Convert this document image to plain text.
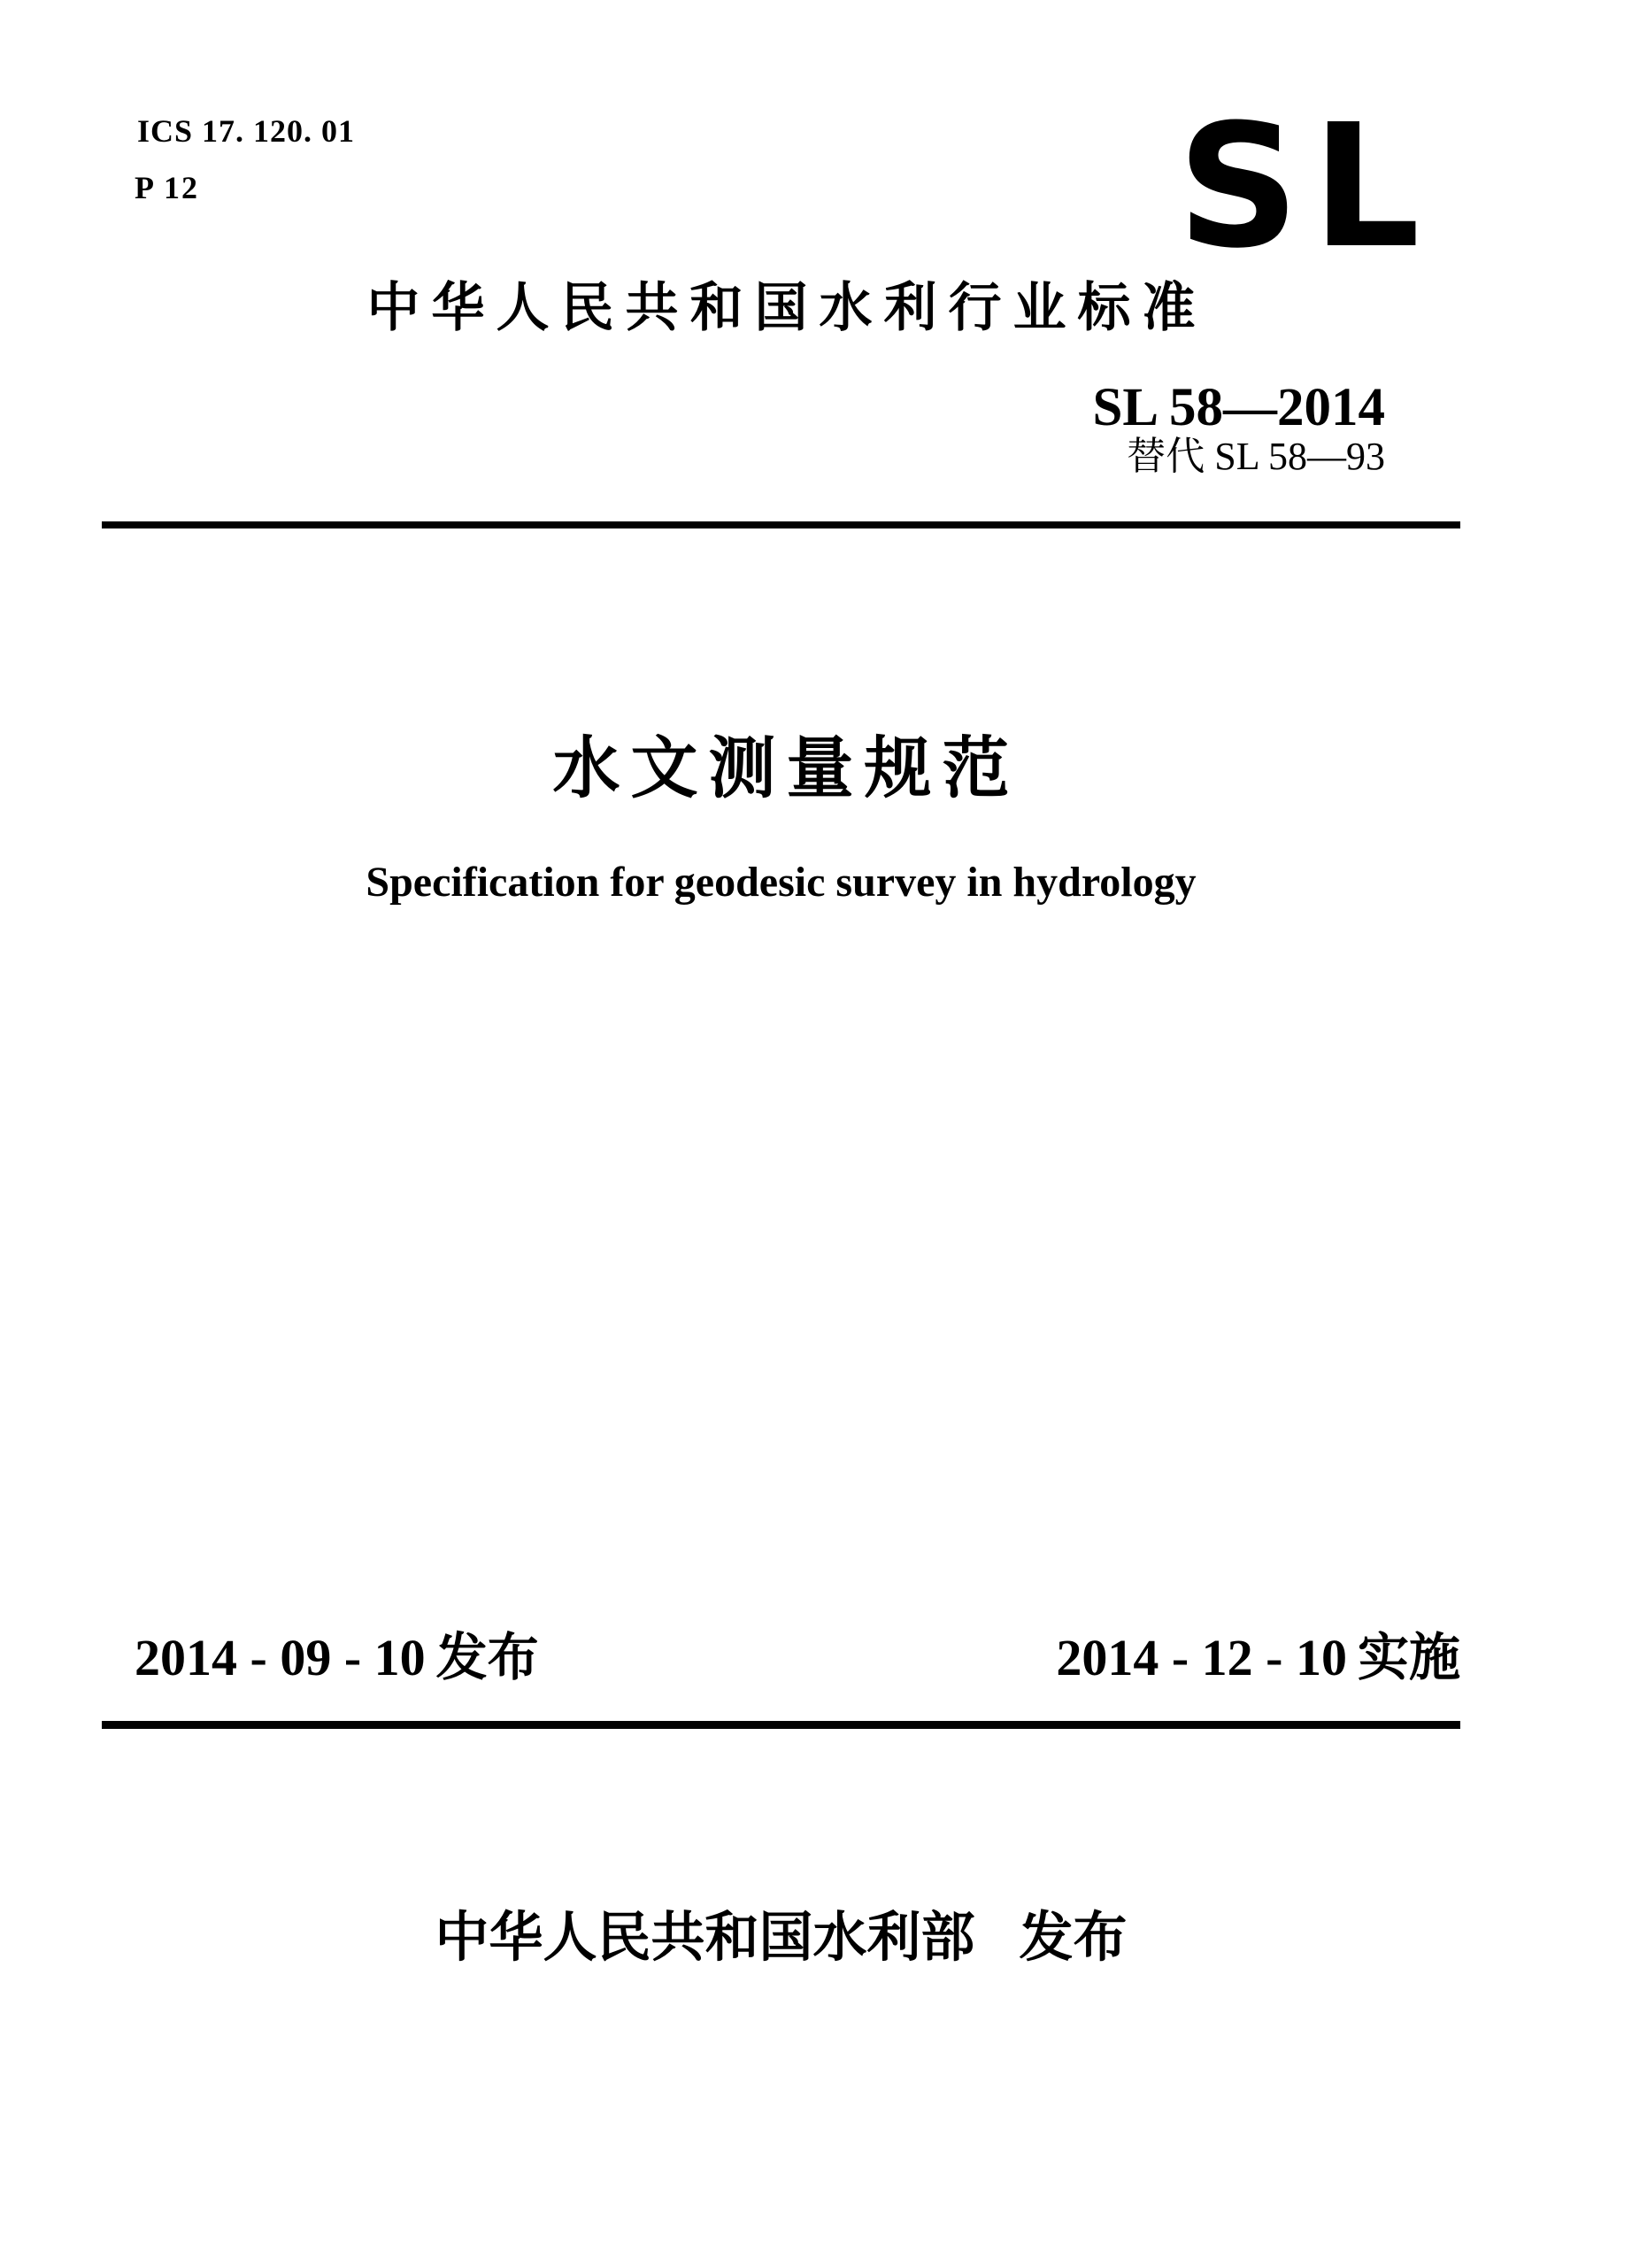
ICS 17. 120. 01
P 12	SL
中华人民共和国水利行业标准
SL 58—2014
替代 SL 58—93
水文测量规范
Specification for geodesic survey in hydrology
2014 - 09 - 10 发布	2014 - 12 - 10 实施
中华人民共和国水利部 发布
